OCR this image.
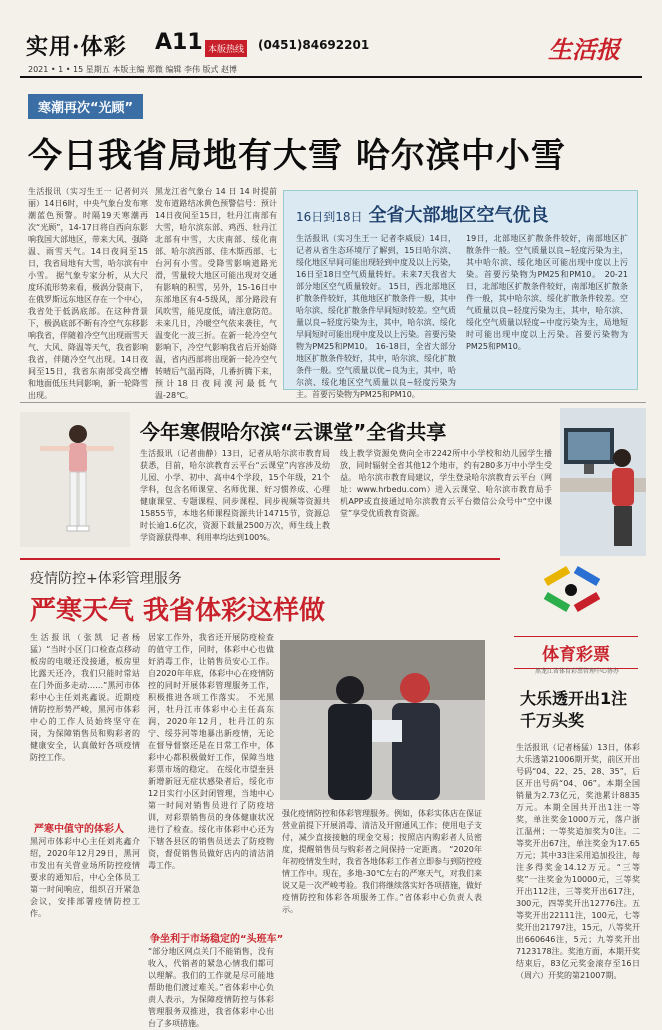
实用·体彩 A11 本版热线 (0451)84692201	生活报
2021 • 1 • 15 星期五 本版主编 郑微 编辑 李伟 版式 赵博
寒潮再次“光顾”
今日我省局地有大雪 哈尔滨中小雪
生活报讯（实习生王一 记者何兴丽）14日6时，中央气象台发布寒潮蓝色预警。时隔19天寒潮再次“光顾”，14-17日将自西向东影响我国大部地区，带来大风、强降温、雨雪天气。14日夜间至15日，我省局地有大雪，哈尔滨有中小雪。 据气象专家分析，从大尺度环流形势来看，极涡分裂南下，在俄罗斯远东地区存在一个中心，我省处于低涡底部。在这种背景下，极涡底部不断有冷空气东移影响我省，伴随着冷空气出现雨雪天气、大风、降温等天气，我省影响我省，伴随冷空气出现。14日夜间至15日，我省东南部受高空槽和地面低压共同影响，新一轮降雪出现。
黑龙江省气象台 14 日 14 时提前发布道路结冰黄色预警信号：预计14日夜间至15日，牡丹江南部有大雪，哈尔滨东部、鸡西、牡丹江北部有中雪，大庆南部、绥化南部、哈尔滨西部、佳木斯西部、七台河有小雪。受降雪影响道路光滑，雪量较大地区可能出现对交通有影响的积雪，另外，15-16日中东部地区有4-5级风，部分路段有风吹雪，能见度低，请注意防范。 未来几日，冷暖空气依来袭往，气温变化一波三折。在新一轮冷空气影响下，冷空气影响我省后开始降温，省内西部将出现新一轮冷空气转晴后气温再降，几番折腾下来，预计18日夜间漠河最低气温-28℃。
16日到18日 全省大部地区空气优良
生活报讯（实习生王一 记者李威辰）14日，记者从省生态环境厅了解到，15日哈尔滨、绥化地区早间可能出现轻到中度及以上污染，16日至18日空气质量转好。未来7天我省大部分地区空气质量较好。 15日，西北部地区扩散条件较好，其他地区扩散条件一般，其中哈尔滨、绥化扩散条件早间短时较差。空气质量以良~轻度污染为主，其中，哈尔滨、绥化早间短时可能出现中度及以上污染。首要污染物为PM25和PM10。 16-18日，全省大部分地区扩散条件较好，其中，哈尔滨、绥化扩散条件一般。空气质量以优~良为主，其中，哈尔滨、绥化地区空气质量以良~轻度污染为主。首要污染物为PM25和PM10。
19日，北部地区扩散条件较好，南部地区扩散条件一般。空气质量以良~轻度污染为主，其中哈尔滨、绥化地区可能出现中度以上污染。首要污染物为PM25和PM10。 20-21日，北部地区扩散条件较好，南部地区扩散条件一般，其中哈尔滨、绥化扩散条件较差。空气质量以良~轻度污染为主，其中，哈尔滨、绥化空气质量以轻度~中度污染为主，局地短时可能出现中度以上污染。首要污染物为PM25和PM10。
今年寒假哈尔滨“云课堂”全省共享
生活报讯（记者曲静）13日，记者从哈尔滨市教育局获悉，目前，哈尔滨教育云平台“云课堂”内容涉及幼儿园、小学、初中、高中4个学段，15个年级，21个学科，包含名师课堂、名师优课、好习惯养成、心理健康课堂、专题课程、同步课程、同步视频等资源共15855节，本地名师课程资源共计14715节，资源总时长逾1.6亿次，资源下载量2500万次，师生线上教学资源获得率、利用率均达到100%。
线上教学资源免费向全市2242所中小学校和幼儿园学生播放，同时辐射全省其他12个地市，约有280多万中小学生受益。 哈尔滨市教育局建议，学生登录哈尔滨教育云平台（网址：www.hrbedu.com）进入云课堂、哈尔滨市教育局手机APP或直接通过哈尔滨教育云平台微信公众号中“空中课堂”享受优质教育资源。
疫情防控+体彩管理服务
严寒天气 我省体彩这样做
生活报讯（张凯 记者杨猛）“当时小区门口检查点移动板房的电暖还没接通，板房里比露天还冷，我们只能时常站在门外面多走动……”黑河市体彩中心主任刘兆鑫说。近期疫情防控形势严峻，黑河市体彩中心的工作人员始终坚守在岗，为保障销售员和购彩者的健康安全，认真做好各项疫情防控工作。
严寒中值守的体彩人
黑河市体彩中心主任刘兆鑫介绍，2020年12月29日，黑河市发出有关营业场所防控疫情要求的通知后，中心全体员工第一时间响应，组织召开紧急会议，安排部署疫情防控工作。
居家工作外，我省还开展防疫检查的值守工作，同时，体彩中心也做好消毒工作，让销售员安心工作。自2020年年底，体彩中心在疫情防控的同时开展体彩管理服务工作，积极推进各项工作落实。 不光黑河，牡丹江市体彩中心主任高东润，2020年12月，牡丹江的东宁、绥芬河等地暴出新疫情，无论在督导督察还是在日常工作中，体彩中心都积极做好工作，保障当地彩票市场的稳定。 在绥化市望奎县新增新冠无症状感染者后，绥化市12日实行小区封闭管理，当地中心第一时间对销售员进行了防疫培训，对彩票销售员的身体健康状况进行了检查。绥化市体彩中心还为下辖各县区的销售员送去了防疫物资，督促销售员做好店内的清洁消毒工作。
争坐利于市场稳定的“头班车”
“部分地区网点关门不能销售，没有收入，代销者的紧急心情我们都可以理解。我们的工作就是尽可能地帮助他们渡过难关。”省体彩中心负责人表示，为保障疫情防控与体彩管理服务双推进，我省体彩中心出台了多项措施。
强化疫情防控和体彩管理服务。例如，体彩实体店在保证营业前提下开展消毒、清洁及开窗通风工作；使用电子支付，减少直接接触的现金交易；按照店内购彩者人员密度，提醒销售员与购彩者之间保持一定距离。 “2020年年初疫情发生时，我省各地体彩工作者立即参与到防控疫情工作中。现在，多地-30℃左右的严寒天气，对我们来说又是一次严峻考验。我们将继续落实好各项措施，做好疫情防控和体彩各项服务工作。”省体彩中心负责人表示。
体育彩票
黑龙江省体育彩票管理中心协办
大乐透开出1注千万头奖
生活报讯（记者杨猛）13日，体彩大乐透第21006期开奖，前区开出号码“04、22、25、28、35”，后区开出号码“04、06”。本期全国销量为2.73亿元，奖池累计8835万元。本期全国共开出1注一等奖，单注奖金1000万元，落户浙江温州；一等奖追加奖为0注。二等奖开出67注，单注奖金为17.65万元；其中33注采用追加投注，每注多得奖金14.12万元。“三等奖”一注奖金为10000元，三等奖开出112注，三等奖开出617注，300元，四等奖开出12776注。五等奖开出22111注，100元，七等奖开出21797注，15元，八等奖开出660646注，5元；九等奖开出7123178注。奖池方面，本期开奖结束后，83亿元奖金滚存至16日（周六）开奖的第21007期。
